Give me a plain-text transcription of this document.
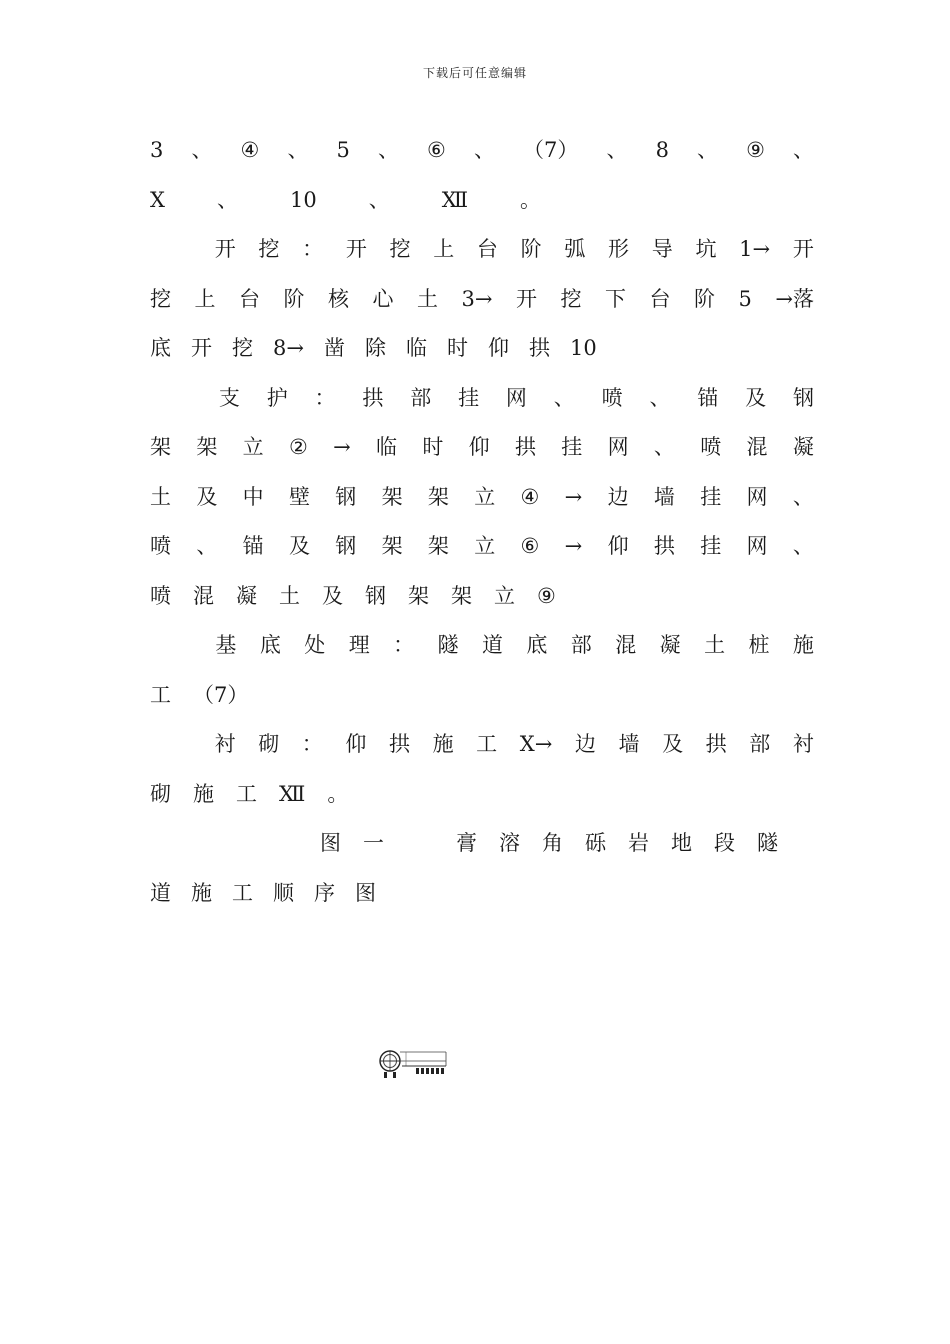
下载后可任意编辑
3 、 ④ 、 5 、 ⑥ 、 （7） 、 8 、 ⑨ 、
X 、 10 、 Ⅻ 。
开 挖 ： 开 挖 上 台 阶 弧 形 导 坑 1→ 开
挖 上 台 阶 核 心 土 3→ 开 挖 下 台 阶 5 →落
底 开 挖 8→ 凿 除 临 时 仰 拱 10
支 护 ： 拱 部 挂 网 、 喷 、 锚 及 钢
架 架 立 ② → 临 时 仰 拱 挂 网 、 喷 混 凝
土 及 中 壁 钢 架 架 立 ④ → 边 墙 挂 网 、
喷 、 锚 及 钢 架 架 立 ⑥ → 仰 拱 挂 网 、
喷 混 凝 土 及 钢 架 架 立 ⑨
基 底 处 理 ： 隧 道 底 部 混 凝 土 桩 施
工 （7）
衬 砌 ： 仰 拱 施 工 X→ 边 墙 及 拱 部 衬
砌 施 工 Ⅻ 。
图 一	膏 溶 角 砾 岩 地 段 隧
道 施 工 顺 序 图
